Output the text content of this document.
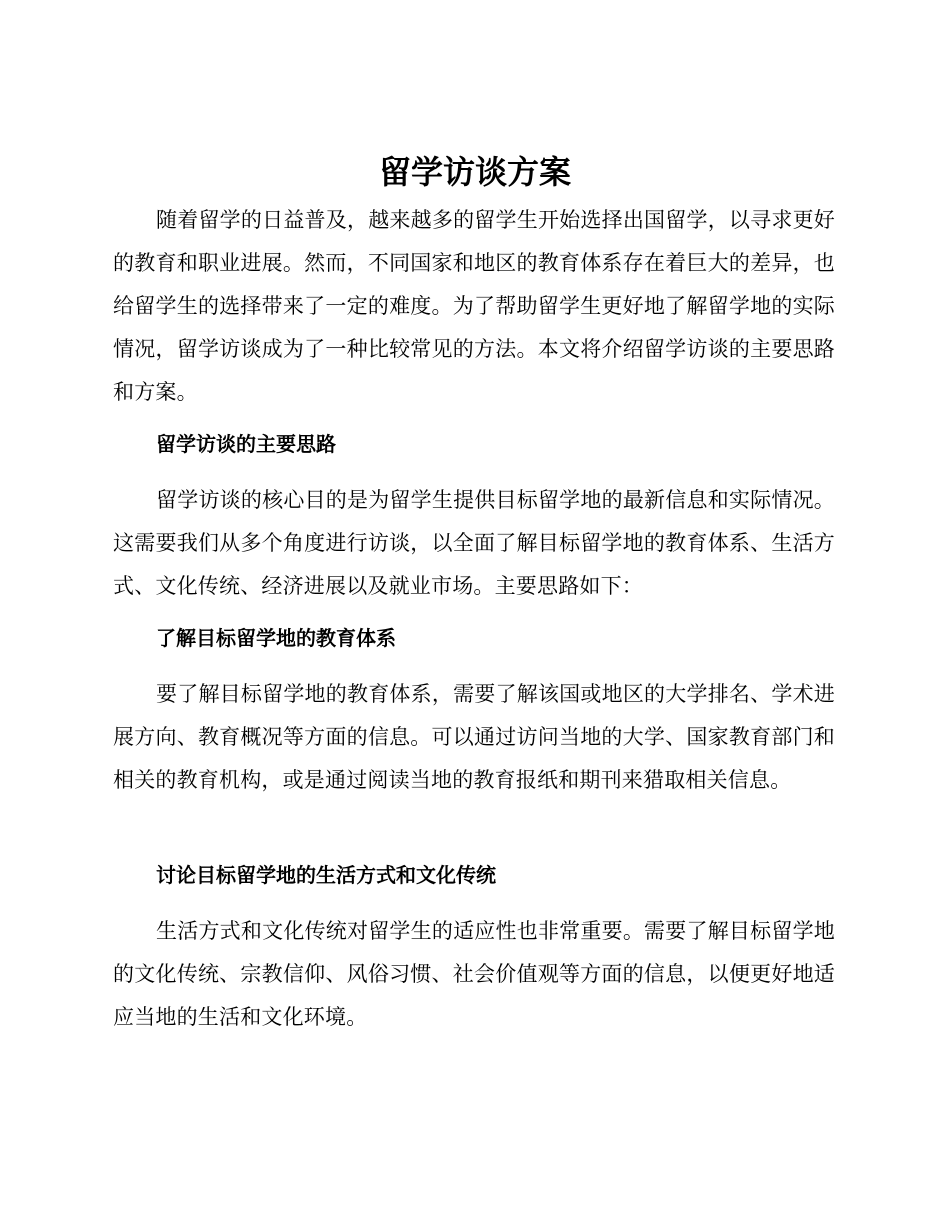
留学访谈方案

随着留学的日益普及，越来越多的留学生开始选择出国留学，以寻求更好的教育和职业进展。然而，不同国家和地区的教育体系存在着巨大的差异，也给留学生的选择带来了一定的难度。为了帮助留学生更好地了解留学地的实际情况，留学访谈成为了一种比较常见的方法。本文将介绍留学访谈的主要思路和方案。

留学访谈的主要思路

留学访谈的核心目的是为留学生提供目标留学地的最新信息和实际情况。这需要我们从多个角度进行访谈，以全面了解目标留学地的教育体系、生活方式、文化传统、经济进展以及就业市场。主要思路如下：

了解目标留学地的教育体系

要了解目标留学地的教育体系，需要了解该国或地区的大学排名、学术进展方向、教育概况等方面的信息。可以通过访问当地的大学、国家教育部门和相关的教育机构，或是通过阅读当地的教育报纸和期刊来猎取相关信息。

讨论目标留学地的生活方式和文化传统

生活方式和文化传统对留学生的适应性也非常重要。需要了解目标留学地的文化传统、宗教信仰、风俗习惯、社会价值观等方面的信息，以便更好地适应当地的生活和文化环境。
